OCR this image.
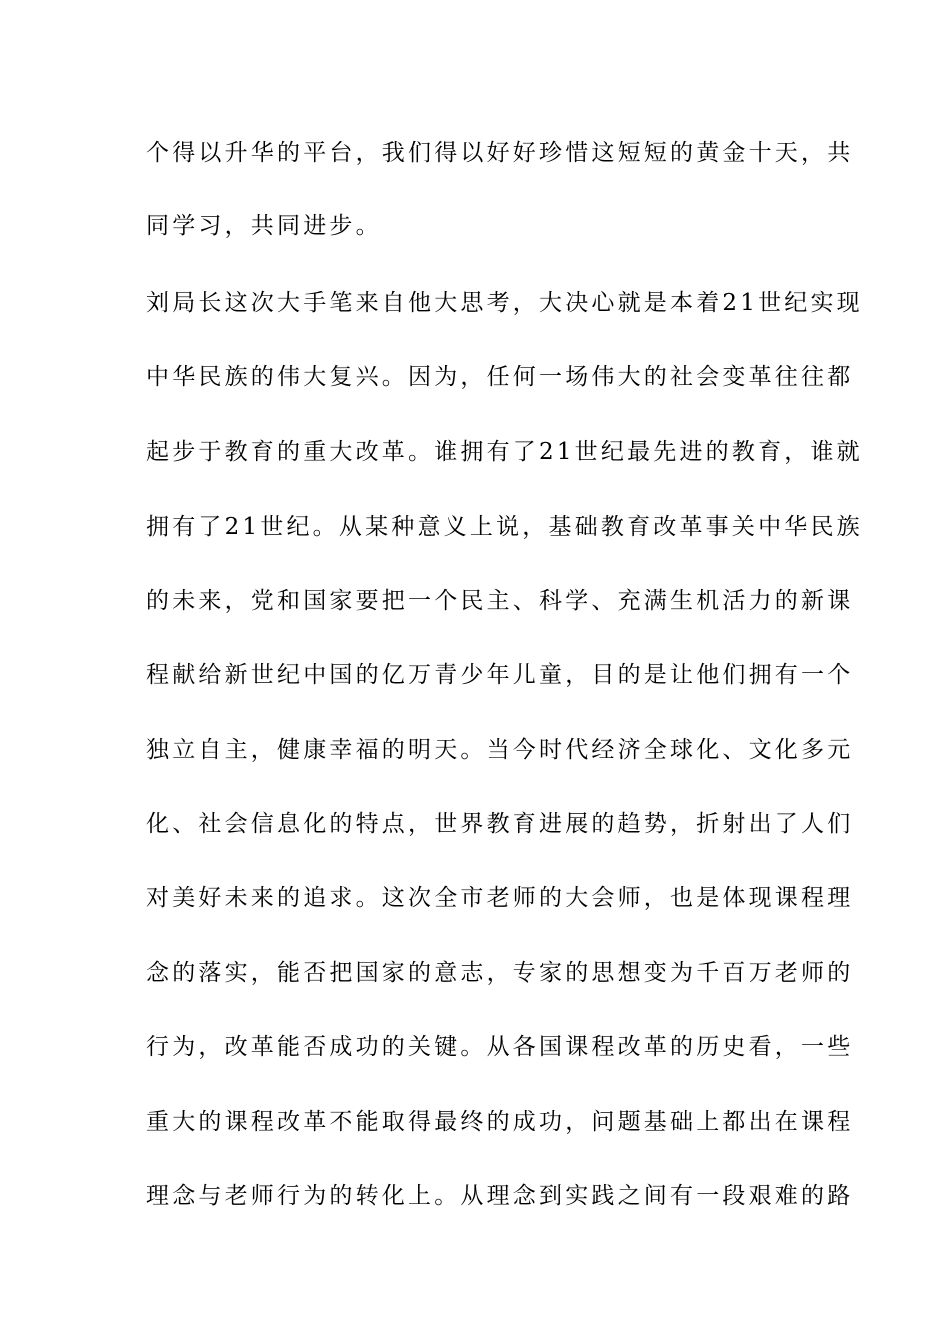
个得以升华的平台，我们得以好好珍惜这短短的黄金十天，共
同学习，共同进步。
刘局长这次大手笔来自他大思考，大决心就是本着21世纪实现
中华民族的伟大复兴。因为，任何一场伟大的社会变革往往都
起步于教育的重大改革。谁拥有了21世纪最先进的教育，谁就
拥有了21世纪。从某种意义上说，基础教育改革事关中华民族
的未来，党和国家要把一个民主、科学、充满生机活力的新课
程献给新世纪中国的亿万青少年儿童，目的是让他们拥有一个
独立自主，健康幸福的明天。当今时代经济全球化、文化多元
化、社会信息化的特点，世界教育进展的趋势，折射出了人们
对美好未来的追求。这次全市老师的大会师，也是体现课程理
念的落实，能否把国家的意志，专家的思想变为千百万老师的
行为，改革能否成功的关键。从各国课程改革的历史看，一些
重大的课程改革不能取得最终的成功，问题基础上都出在课程
理念与老师行为的转化上。从理念到实践之间有一段艰难的路
